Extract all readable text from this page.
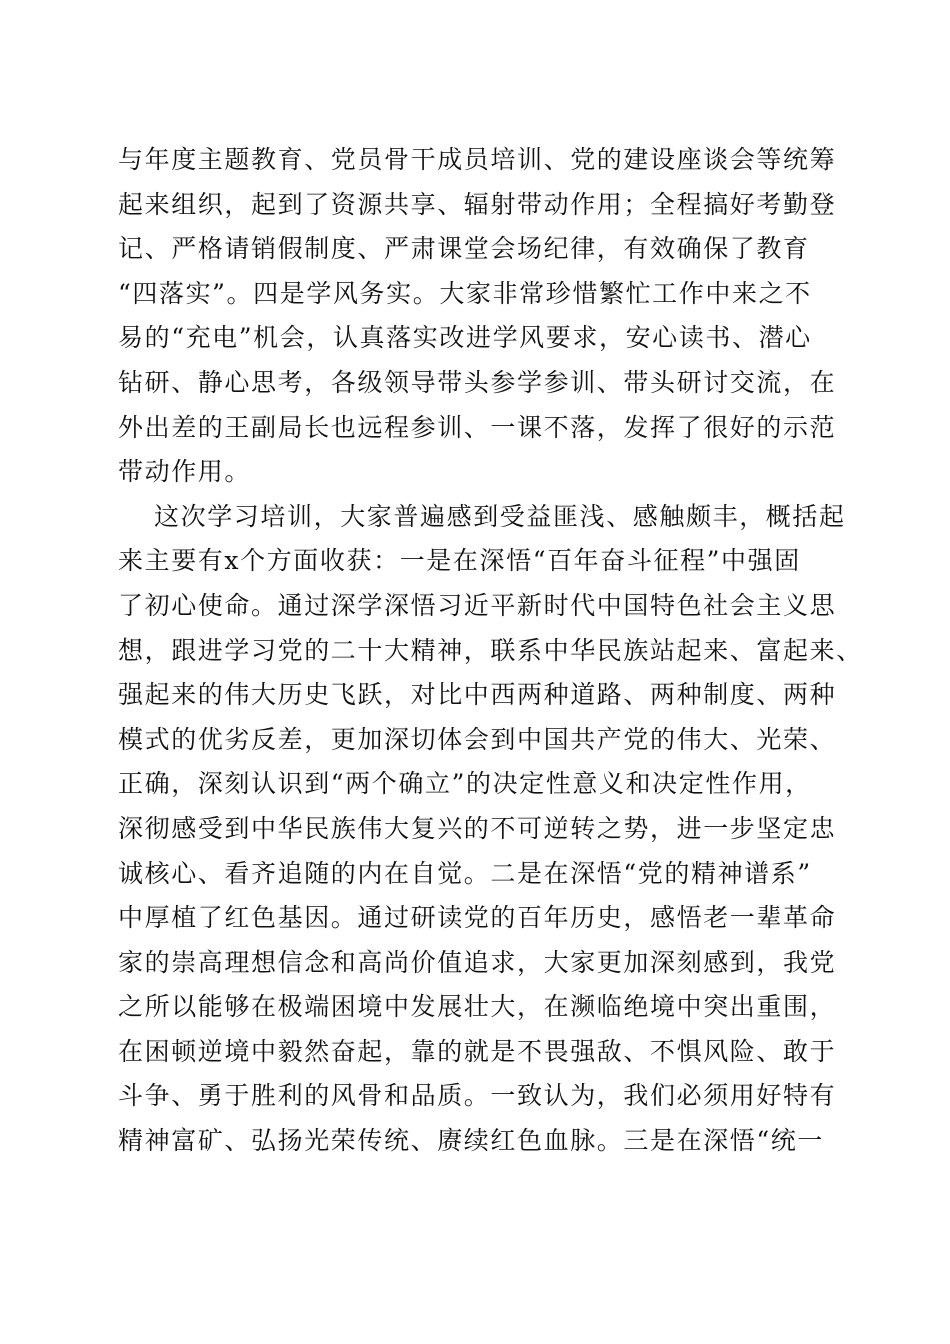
与年度主题教育、党员骨干成员培训、党的建设座谈会等统筹
起来组织，起到了资源共享、辐射带动作用；全程搞好考勤登
记、严格请销假制度、严肃课堂会场纪律，有效确保了教育
“四落实”。四是学风务实。大家非常珍惜繁忙工作中来之不
易的“充电”机会，认真落实改进学风要求，安心读书、潜心
钻研、静心思考，各级领导带头参学参训、带头研讨交流，在
外出差的王副局长也远程参训、一课不落，发挥了很好的示范
带动作用。
这次学习培训，大家普遍感到受益匪浅、感触颇丰，概括起
来主要有x个方面收获：一是在深悟“百年奋斗征程”中强固
了初心使命。通过深学深悟习近平新时代中国特色社会主义思
想，跟进学习党的二十大精神，联系中华民族站起来、富起来、
强起来的伟大历史飞跃，对比中西两种道路、两种制度、两种
模式的优劣反差，更加深切体会到中国共产党的伟大、光荣、
正确，深刻认识到“两个确立”的决定性意义和决定性作用，
深彻感受到中华民族伟大复兴的不可逆转之势，进一步坚定忠
诚核心、看齐追随的内在自觉。二是在深悟“党的精神谱系”
中厚植了红色基因。通过研读党的百年历史，感悟老一辈革命
家的崇高理想信念和高尚价值追求，大家更加深刻感到，我党
之所以能够在极端困境中发展壮大，在濒临绝境中突出重围，
在困顿逆境中毅然奋起，靠的就是不畏强敌、不惧风险、敢于
斗争、勇于胜利的风骨和品质。一致认为，我们必须用好特有
精神富矿、弘扬光荣传统、赓续红色血脉。三是在深悟“统一
